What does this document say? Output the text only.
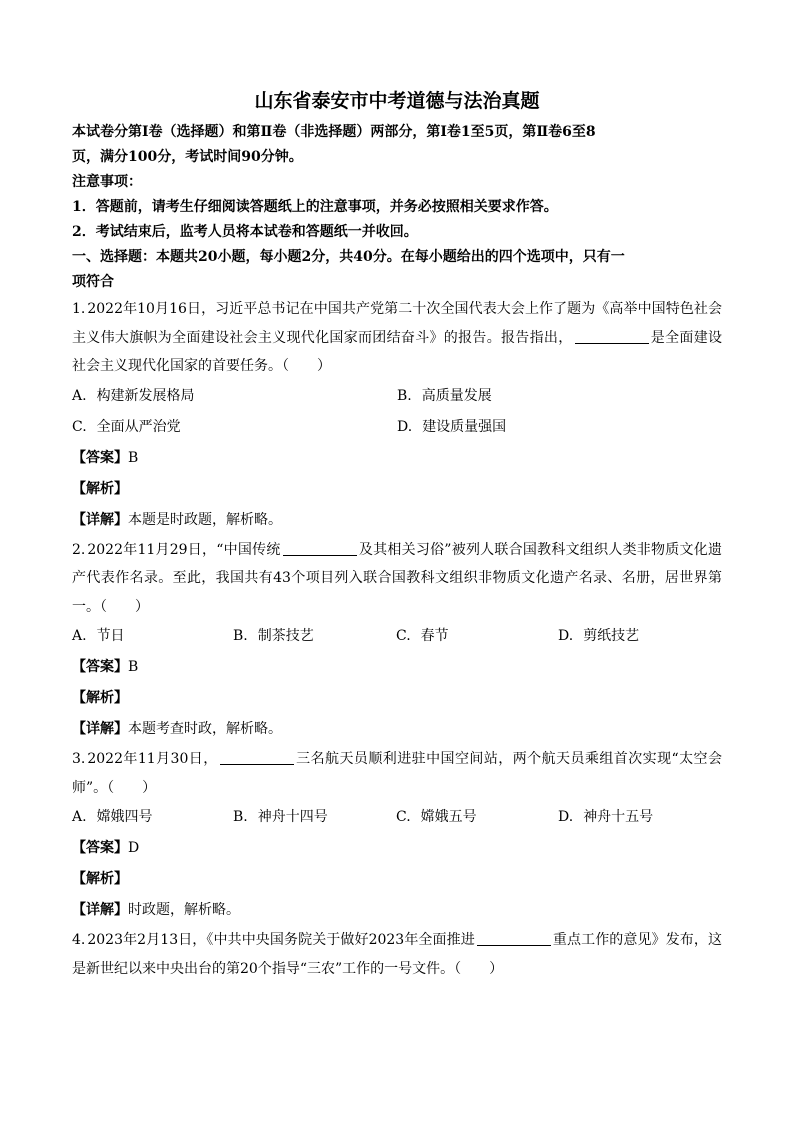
山东省泰安市中考道德与法治真题

本试卷分第Ⅰ卷（选择题）和第Ⅱ卷（非选择题）两部分，第Ⅰ卷1至5页，第Ⅱ卷6至8

页，满分100分，考试时间90分钟。

注意事项：

1．答题前，请考生仔细阅读答题纸上的注意事项，并务必按照相关要求作答。

2．考试结束后，监考人员将本试卷和答题纸一并收回。

一、选择题：本题共20小题，每小题2分，共40分。在每小题给出的四个选项中，只有一

项符合

1. 2022年10月16日，习近平总书记在中国共产党第二十次全国代表大会上作了题为《高举中国特色社会主义伟大旗帜为全面建设社会主义现代化国家而团结奋斗》的报告。报告指出，	是全面建设社会主义现代化国家的首要任务。（　　）

A. 构建新发展格局	B. 高质量发展
C. 全面从严治党	D. 建设质量强国

【答案】B

【解析】

【详解】本题是时政题，解析略。

2. 2022年11月29日，“中国传统	及其相关习俗”被列人联合国教科文组织人类非物质文化遗产代表作名录。至此，我国共有43个项目列入联合国教科文组织非物质文化遗产名录、名册，居世界第一。（　　）

A. 节日	B. 制茶技艺	C. 春节	D. 剪纸技艺

【答案】B

【解析】

【详解】本题考查时政，解析略。

3. 2022年11月30日，	三名航天员顺利进驻中国空间站，两个航天员乘组首次实现“太空会师”。（　　）

A. 嫦娥四号	B. 神舟十四号	C. 嫦娥五号	D. 神舟十五号

【答案】D

【解析】

【详解】时政题，解析略。

4. 2023年2月13日，《中共中央国务院关于做好2023年全面推进	重点工作的意见》发布，这是新世纪以来中央出台的第20个指导“三农”工作的一号文件。（　　）
